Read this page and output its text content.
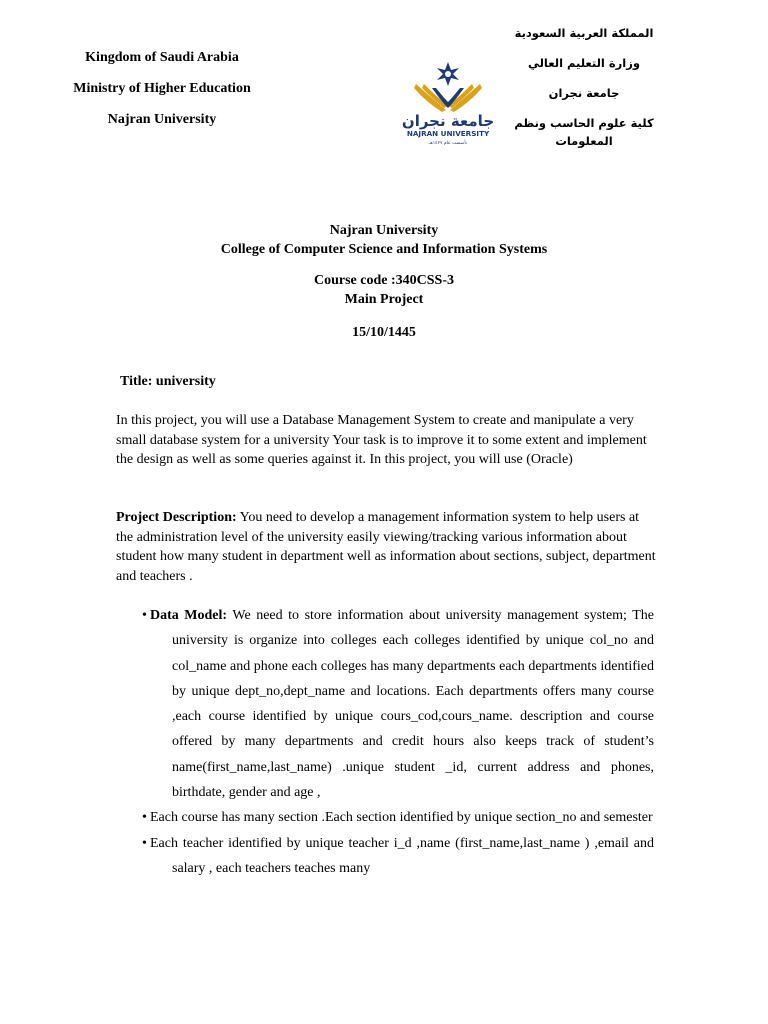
Kingdom of Saudi Arabia
Ministry of Higher Education
Najran University	جامعة نجران
NAJRAN UNIVERSITY
تأسست عام ١٤٢٧هـ
المملكة العربية السعودية
وزارة التعليم العالي
جامعة نجران
كلية علوم الحاسب ونظم المعلومات
Najran University
College of Computer Science and Information Systems
Course code :340CSS-3
Main Project
15/10/1445
Title: university
In this project, you will use a Database Management System to create and manipulate a very small database system for a university Your task is to improve it to some extent and implement the design as well as some queries against it. In this project, you will use (Oracle)
Project Description: You need to develop a management information system to help users at the administration level of the university easily viewing/tracking various information about student how many student in department well as information about sections, subject, department and teachers .
• Data Model: We need to store information about university management system; The university is organize into colleges each colleges identified by unique col_no and col_name and phone each colleges has many departments each departments identified by unique dept_no,dept_name and locations. Each departments offers many course ,each course identified by unique cours_cod,cours_name. description and course offered by many departments and credit hours also keeps track of student’s name(first_name,last_name) .unique student _id, current address and phones, birthdate, gender and age ,
• Each course has many section .Each section identified by unique section_no and semester
• Each teacher identified by unique teacher i_d ,name (first_name,last_name ) ,email and salary , each teachers teaches many
